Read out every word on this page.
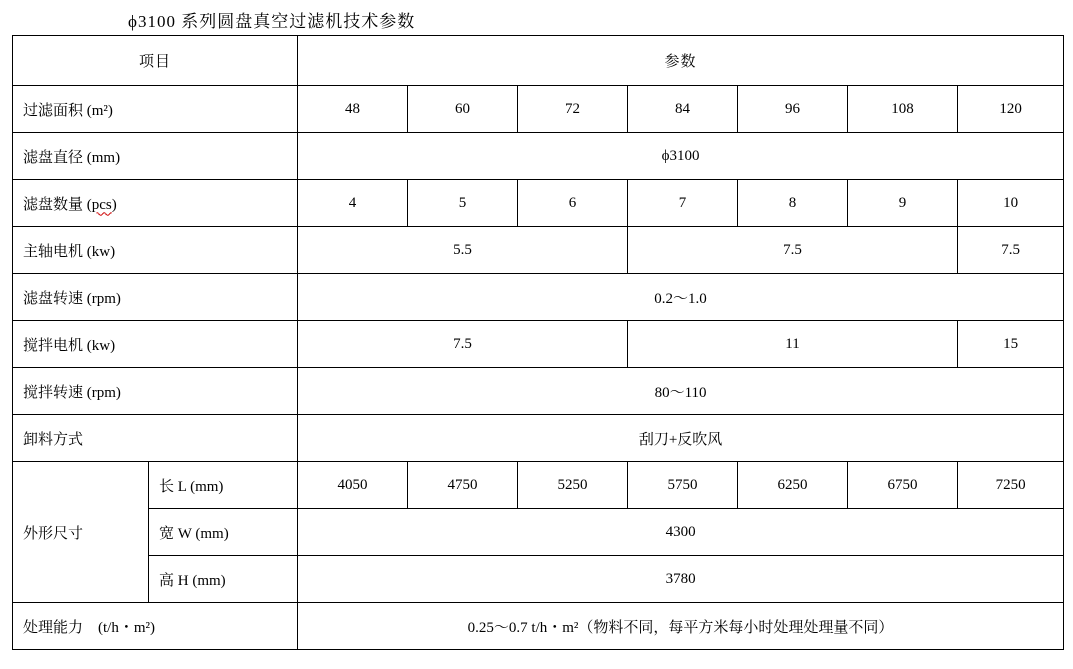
ϕ3100 系列圆盘真空过滤机技术参数
项目		参数						
过滤面积 (m²)		48	60	72	84	96	108	120
滤盘直径 (mm)		ϕ3100						
滤盘数量 (pcs)		4	5	6	7	8	9	10
主轴电机 (kw)		5.5			7.5			7.5
滤盘转速 (rpm)		0.2～1.0						
搅拌电机 (kw)		7.5			11			15
搅拌转速 (rpm)		80～110						
卸料方式		刮刀+反吹风						
外形尺寸	长 L (mm)	4050	4750	5250	5750	6250	6750	7250
	宽 W (mm)	4300						
	高 H (mm)	3780						
处理能力　(t/h・m²)		0.25～0.7 t/h・m²（物料不同，每平方米每小时处理处理量不同）						
